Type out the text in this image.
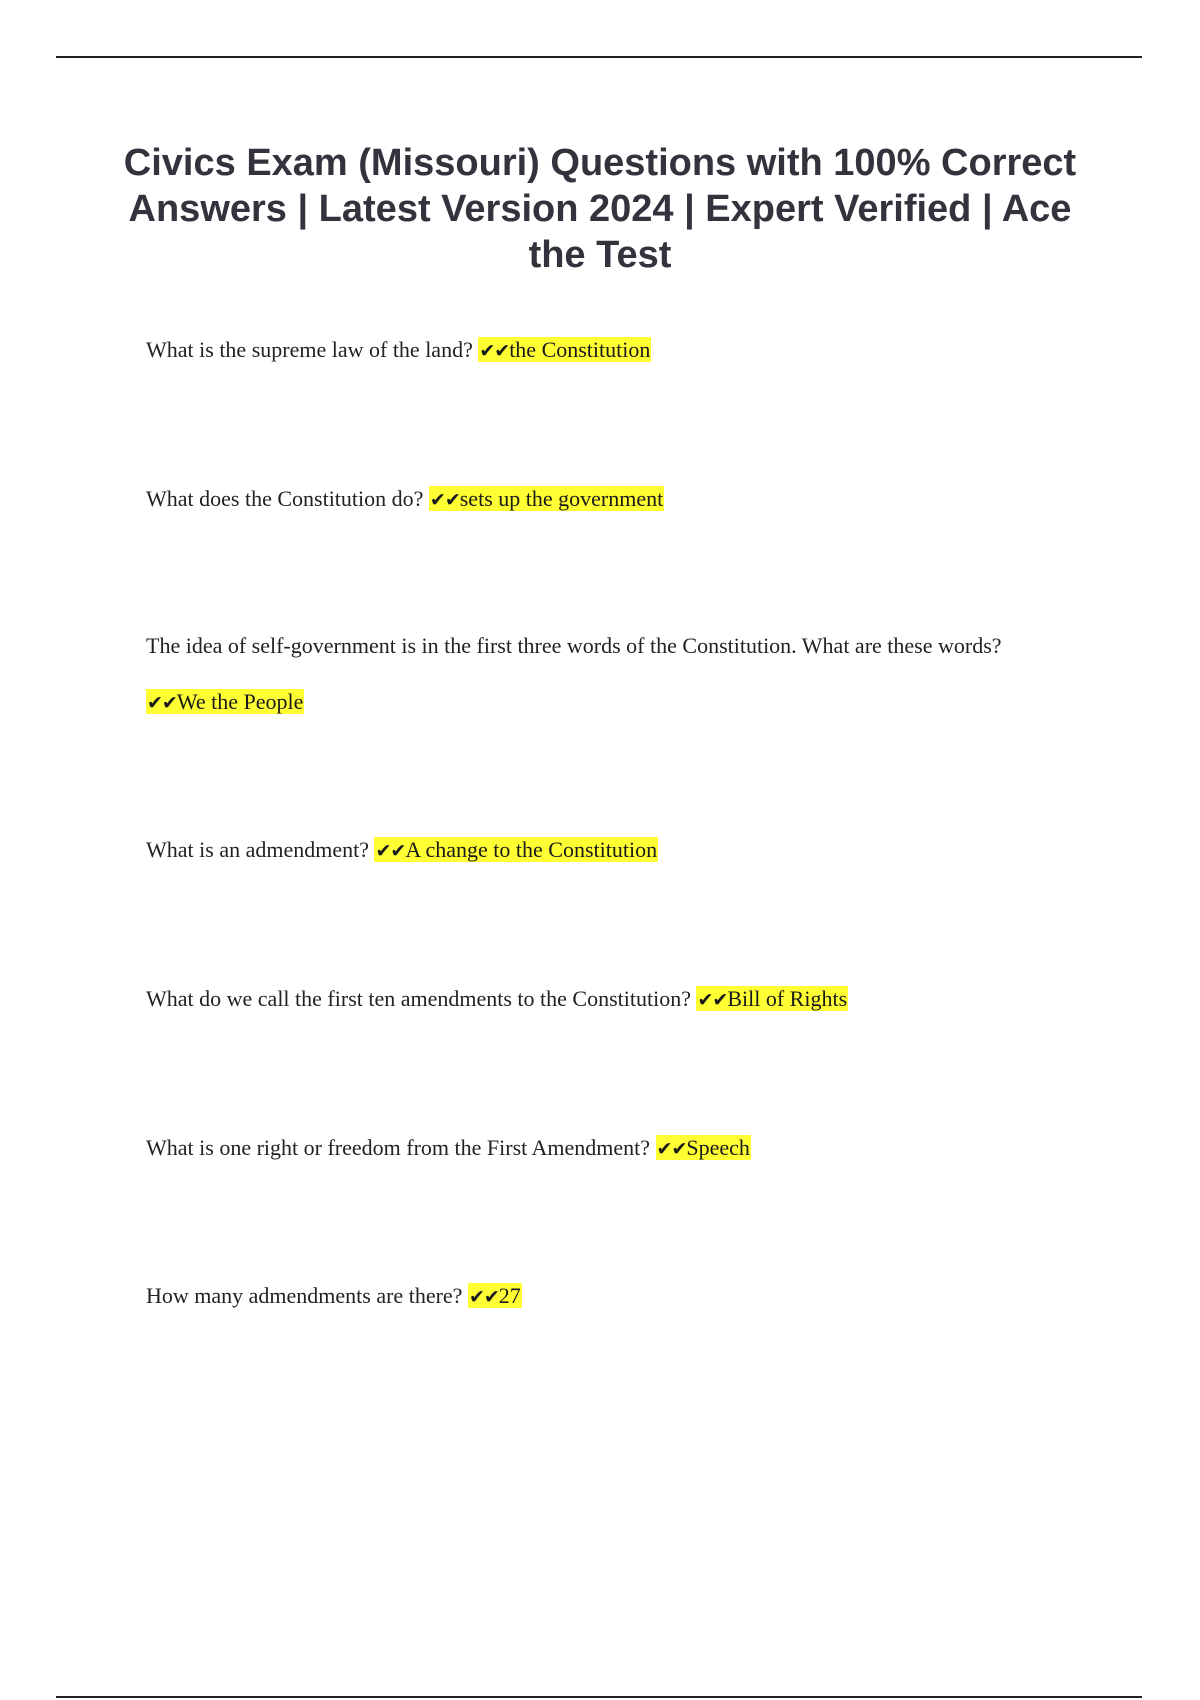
Civics Exam (Missouri) Questions with 100% Correct Answers | Latest Version 2024 | Expert Verified | Ace the Test
What is the supreme law of the land? ✔✔the Constitution
What does the Constitution do? ✔✔sets up the government
The idea of self-government is in the first three words of the Constitution. What are these words?
✔✔We the People
What is an admendment? ✔✔A change to the Constitution
What do we call the first ten amendments to the Constitution? ✔✔Bill of Rights
What is one right or freedom from the First Amendment? ✔✔Speech
How many admendments are there? ✔✔27
